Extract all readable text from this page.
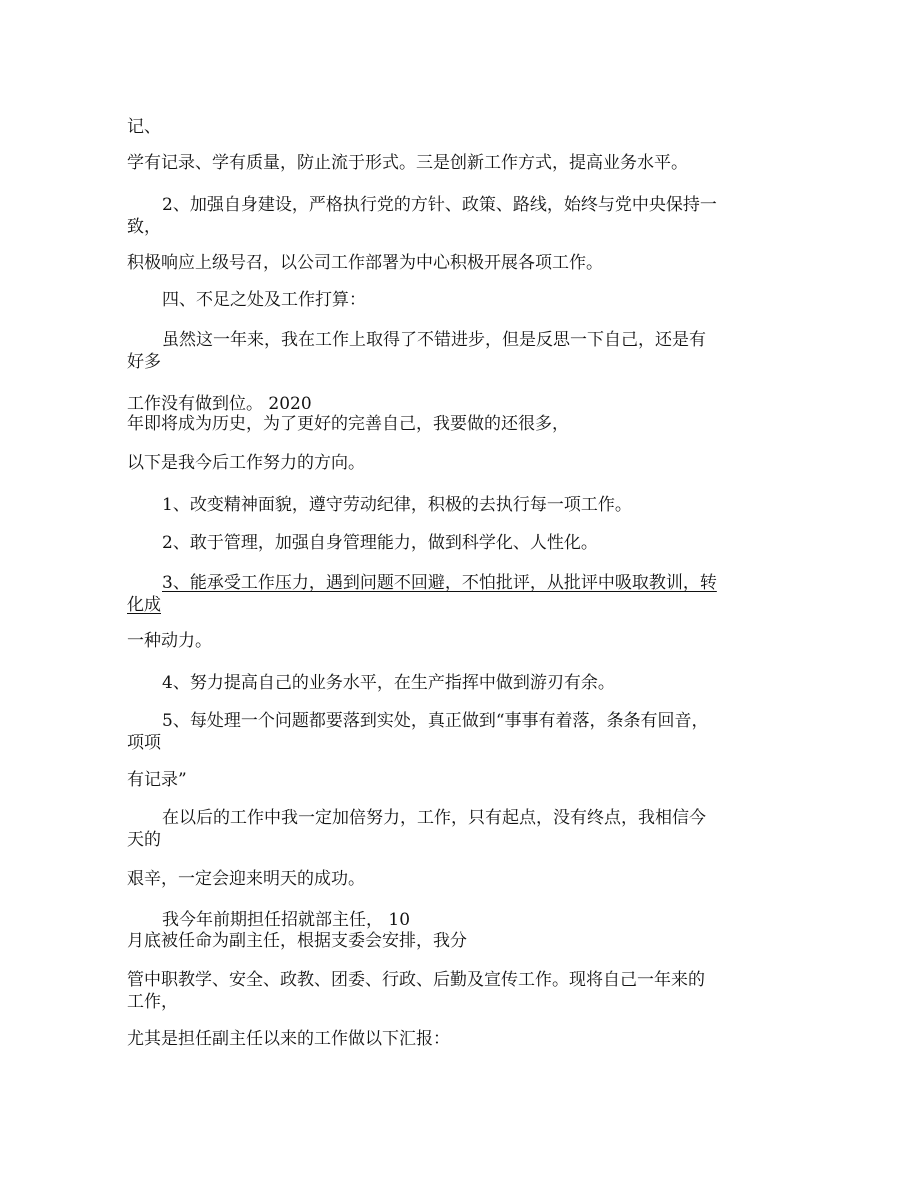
记、
学有记录、学有质量，防止流于形式。三是创新工作方式，提高业务水平。
2、加强自身建设，严格执行党的方针、政策、路线，始终与党中央保持一
致，
积极响应上级号召，以公司工作部署为中心积极开展各项工作。
四、不足之处及工作打算：
虽然这一年来，我在工作上取得了不错进步，但是反思一下自己，还是有
好多
工作没有做到位。 2020
年即将成为历史，为了更好的完善自己，我要做的还很多，
以下是我今后工作努力的方向。
1、改变精神面貌，遵守劳动纪律，积极的去执行每一项工作。
2、敢于管理，加强自身管理能力，做到科学化、人性化。
3、能承受工作压力，遇到问题不回避，不怕批评，从批评中吸取教训，转
化成
一种动力。
4、努力提高自己的业务水平，在生产指挥中做到游刃有余。
5、每处理一个问题都要落到实处，真正做到“事事有着落，条条有回音，
项项
有记录”
在以后的工作中我一定加倍努力，工作，只有起点，没有终点，我相信今
天的
艰辛，一定会迎来明天的成功。
我今年前期担任招就部主任， 10
月底被任命为副主任，根据支委会安排，我分
管中职教学、安全、政教、团委、行政、后勤及宣传工作。现将自己一年来的
工作，
尤其是担任副主任以来的工作做以下汇报：
